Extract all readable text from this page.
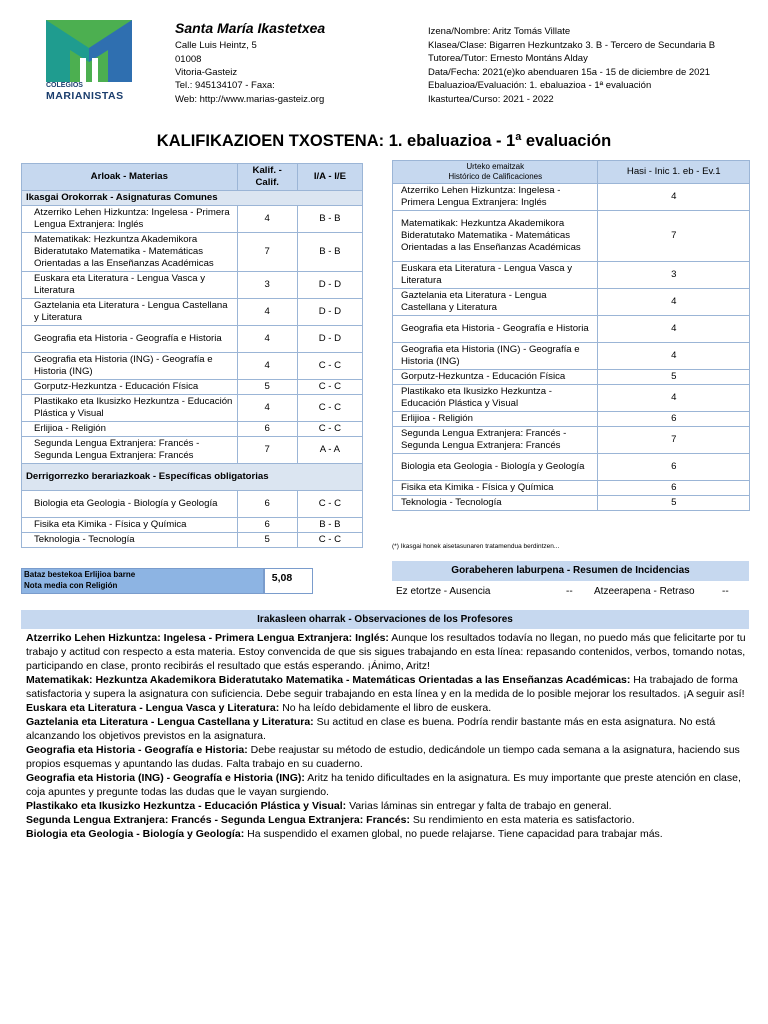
COLEGIOS
MARIANISTAS
Santa María Ikastetxea
Calle Luis Heintz, 5
01008
Vitoria-Gasteiz
Tel.: 945134107 - Faxa:
Web: http://www.marias-gasteiz.org
Izena/Nombre: Aritz Tomás Villate
Klasea/Clase: Bigarren Hezkuntzako 3. B - Tercero de Secundaria B
Tutorea/Tutor: Ernesto Montáns Alday
Data/Fecha: 2021(e)ko abenduaren 15a - 15 de diciembre de 2021
Ebaluazioa/Evaluación: 1. ebaluazioa - 1ª evaluación
Ikasturtea/Curso: 2021 - 2022
KALIFIKAZIOEN TXOSTENA: 1. ebaluazioa - 1ª evaluación
Arloak - Materias	Kalif. - Calif.	I/A - I/E
Ikasgai Orokorrak - Asignaturas Comunes		
Atzerriko Lehen Hizkuntza: Ingelesa - Primera Lengua Extranjera: Inglés	4	B - B
Matematikak: Hezkuntza Akademikora Bideratutako Matematika - Matemáticas Orientadas a las Enseñanzas Académicas	7	B - B
Euskara eta Literatura - Lengua Vasca y Literatura	3	D - D
Gaztelania eta Literatura - Lengua Castellana y Literatura	4	D - D
Geografia eta Historia - Geografía e Historia	4	D - D
Geografia eta Historia (ING) - Geografía e Historia (ING)	4	C - C
Gorputz-Hezkuntza - Educación Física	5	C - C
Plastikako eta Ikusizko Hezkuntza - Educación Plástica y Visual	4	C - C
Erlijioa - Religión	6	C - C
Segunda Lengua Extranjera: Francés - Segunda Lengua Extranjera: Francés	7	A - A
Derrigorrezko berariazkoak - Específicas obligatorias		
Biologia eta Geologia - Biología y Geología	6	C - C
Fisika eta Kimika - Física y Química	6	B - B
Teknologia - Tecnología	5	C - C
Bataz bestekoa Erlijioa barne
Nota media con Religión
5,08
Urteko emaitzak
Histórico de Calificaciones	Hasi - Inic 1. eb - Ev.1
Atzerriko Lehen Hizkuntza: Ingelesa - Primera Lengua Extranjera: Inglés	4
Matematikak: Hezkuntza Akademikora Bideratutako Matematika - Matemáticas Orientadas a las Enseñanzas Académicas	7
Euskara eta Literatura - Lengua Vasca y Literatura	3
Gaztelania eta Literatura - Lengua Castellana y Literatura	4
Geografia eta Historia - Geografía e Historia	4
Geografia eta Historia (ING) - Geografía e Historia (ING)	4
Gorputz-Hezkuntza - Educación Física	5
Plastikako eta Ikusizko Hezkuntza - Educación Plástica y Visual	4
Erlijioa - Religión	6
Segunda Lengua Extranjera: Francés - Segunda Lengua Extranjera: Francés	7
Biologia eta Geologia - Biología y Geología	6
Fisika eta Kimika - Física y Química	6
Teknologia - Tecnología	5
(*) Ikasgai honek aisetasunaren tratamendua berdintzen...
Gorabeheren laburpena - Resumen de Incidencias
Ez etortze - Ausencia	-- Atzeerapena - Retraso	--
Irakasleen oharrak - Observaciones de los Profesores

Atzerriko Lehen Hizkuntza: Ingelesa - Primera Lengua Extranjera: Inglés: Aunque los resultados todavía no llegan, no puedo más que felicitarte por tu trabajo y actitud con respecto a esta materia. Estoy convencida de que sis sigues trabajando en esta línea: repasando contenidos, verbos, tomando notas, participando en clase, pronto recibirás el resultado que estás esperando. ¡Ánimo, Aritz!

Matematikak: Hezkuntza Akademikora Bideratutako Matematika - Matemáticas Orientadas a las Enseñanzas Académicas: Ha trabajado de forma satisfactoria y supera la asignatura con suficiencia. Debe seguir trabajando en esta línea y en la medida de lo posible mejorar los resultados. ¡A seguir así!

Euskara eta Literatura - Lengua Vasca y Literatura: No ha leído debidamente el libro de euskera.

Gaztelania eta Literatura - Lengua Castellana y Literatura: Su actitud en clase es buena. Podría rendir bastante más en esta asignatura. No está alcanzando los objetivos previstos en la asignatura.

Geografia eta Historia - Geografía e Historia: Debe reajustar su método de estudio, dedicándole un tiempo cada semana a la asignatura, haciendo sus propios esquemas y apuntando las dudas. Falta trabajo en su cuaderno.

Geografia eta Historia (ING) - Geografía e Historia (ING): Aritz ha tenido dificultades en la asignatura. Es muy importante que preste atención en clase, coja apuntes y pregunte todas las dudas que le vayan surgiendo.

Plastikako eta Ikusizko Hezkuntza - Educación Plástica y Visual: Varias láminas sin entregar y falta de trabajo en general.

Segunda Lengua Extranjera: Francés - Segunda Lengua Extranjera: Francés: Su rendimiento en esta materia es satisfactorio.

Biologia eta Geologia - Biología y Geología: Ha suspendido el examen global, no puede relajarse. Tiene capacidad para trabajar más.
